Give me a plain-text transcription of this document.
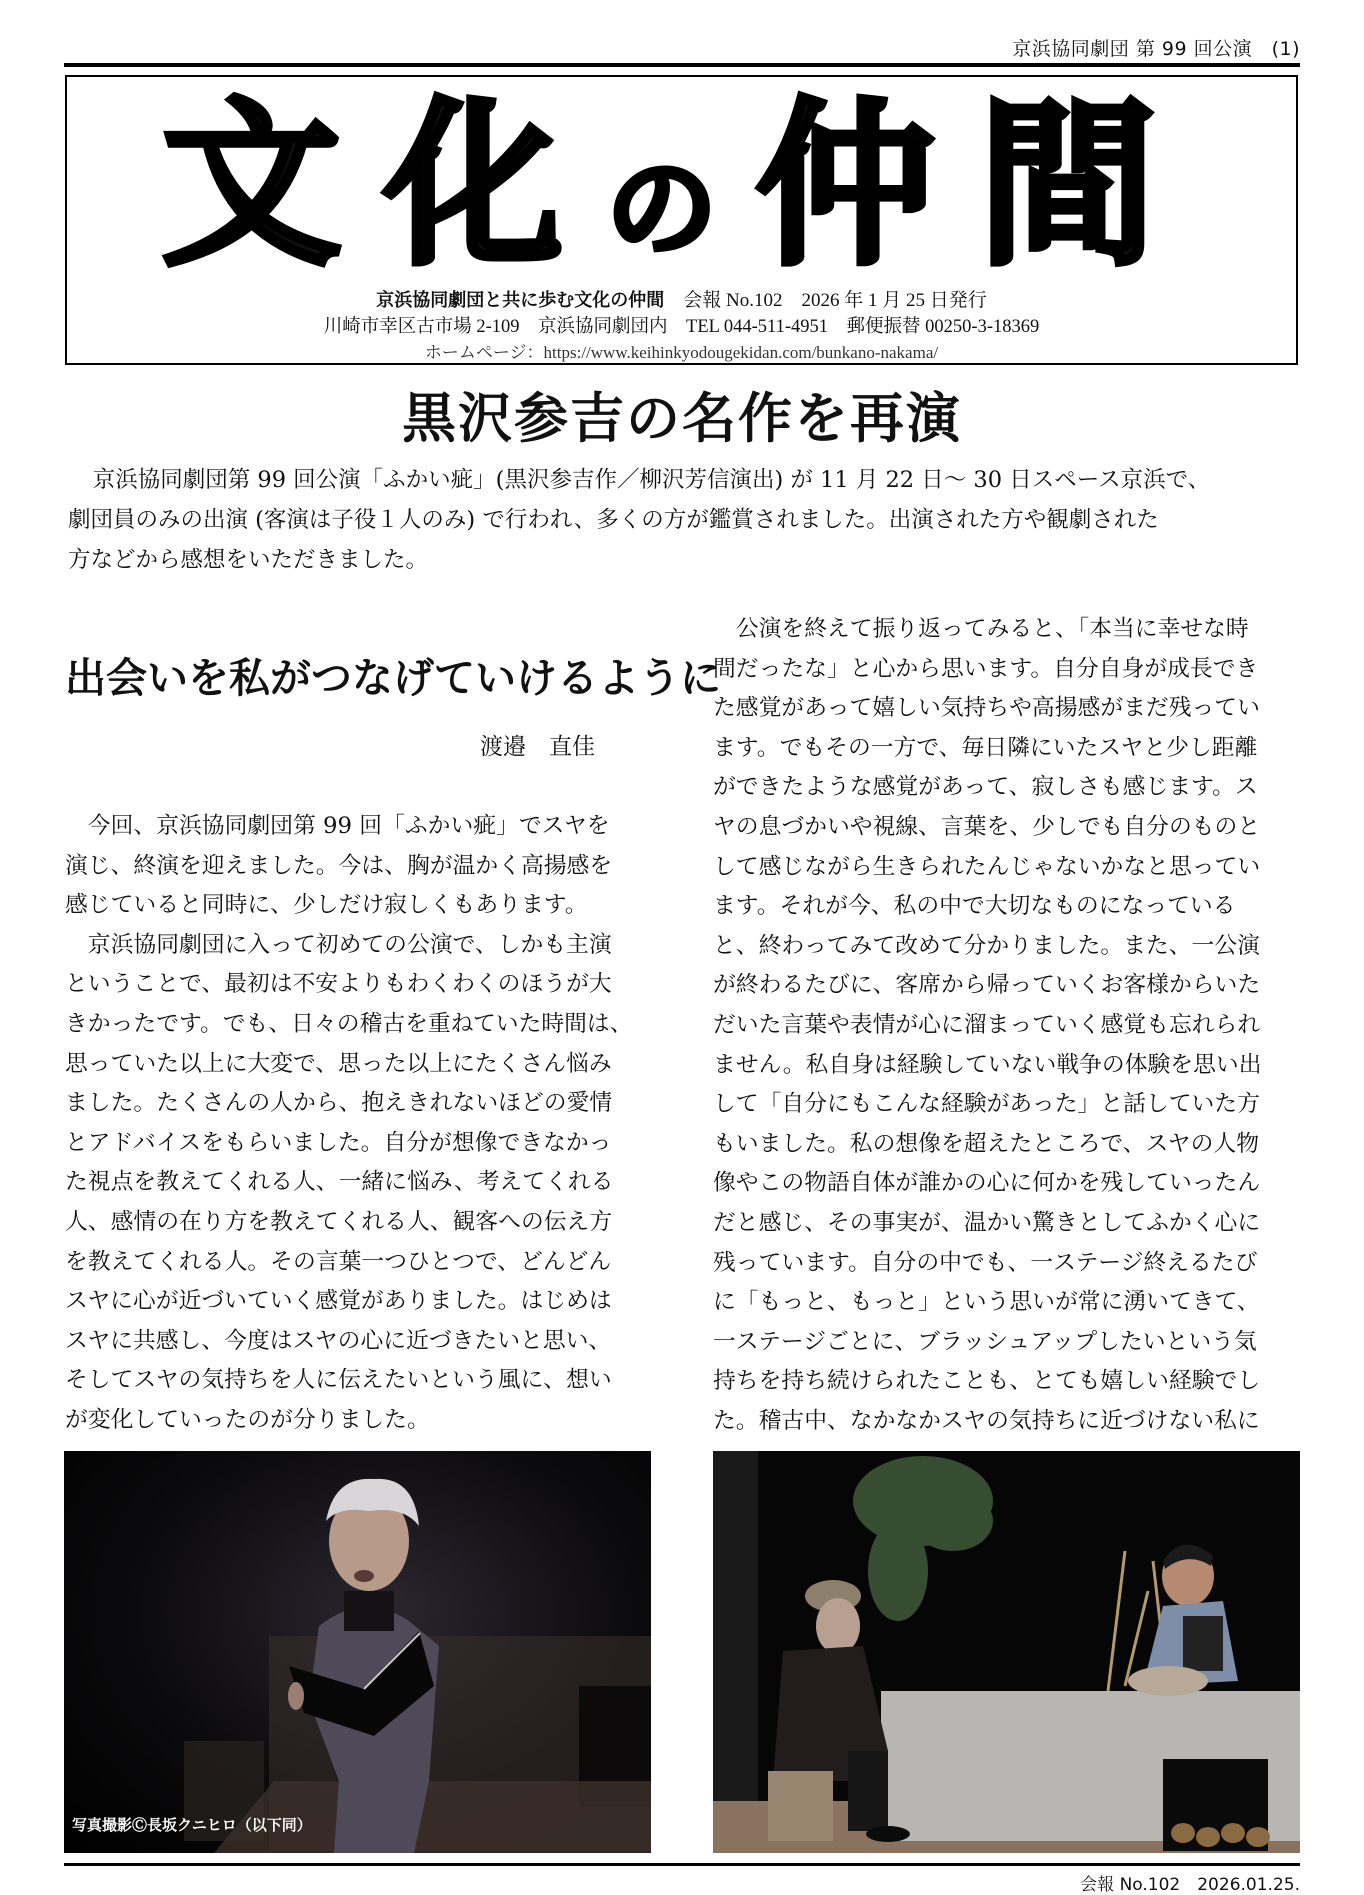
京浜協同劇団 第 99 回公演　(1)
文化の仲間
京浜協同劇団と共に歩む文化の仲間　会報 No.102　2026 年 1 月 25 日発行
川崎市幸区古市場 2-109　京浜協同劇団内　TEL 044-511-4951　郵便振替 00250-3-18369
ホームページ：https://www.keihinkyodougekidan.com/bunkano-nakama/
黒沢参吉の名作を再演
京浜協同劇団第 99 回公演「ふかい疵」(黒沢参吉作／柳沢芳信演出) が 11 月 22 日～ 30 日スペース京浜で、
劇団員のみの出演 (客演は子役１人のみ) で行われ、多くの方が鑑賞されました。出演された方や観劇された
方などから感想をいただきました。
出会いを私がつなげていけるように
渡邉　直佳
　今回、京浜協同劇団第 99 回「ふかい疵」でスヤを
演じ、終演を迎えました。今は、胸が温かく高揚感を
感じていると同時に、少しだけ寂しくもあります。
　京浜協同劇団に入って初めての公演で、しかも主演
ということで、最初は不安よりもわくわくのほうが大
きかったです。でも、日々の稽古を重ねていた時間は、
思っていた以上に大変で、思った以上にたくさん悩み
ました。たくさんの人から、抱えきれないほどの愛情
とアドバイスをもらいました。自分が想像できなかっ
た視点を教えてくれる人、一緒に悩み、考えてくれる
人、感情の在り方を教えてくれる人、観客への伝え方
を教えてくれる人。その言葉一つひとつで、どんどん
スヤに心が近づいていく感覚がありました。はじめは
スヤに共感し、今度はスヤの心に近づきたいと思い、
そしてスヤの気持ちを人に伝えたいという風に、想い
が変化していったのが分りました。
　公演を終えて振り返ってみると、「本当に幸せな時
間だったな」と心から思います。自分自身が成長でき
た感覚があって嬉しい気持ちや高揚感がまだ残ってい
ます。でもその一方で、毎日隣にいたスヤと少し距離
ができたような感覚があって、寂しさも感じます。ス
ヤの息づかいや視線、言葉を、少しでも自分のものと
して感じながら生きられたんじゃないかなと思ってい
ます。それが今、私の中で大切なものになっている
と、終わってみて改めて分かりました。また、一公演
が終わるたびに、客席から帰っていくお客様からいた
だいた言葉や表情が心に溜まっていく感覚も忘れられ
ません。私自身は経験していない戦争の体験を思い出
して「自分にもこんな経験があった」と話していた方
もいました。私の想像を超えたところで、スヤの人物
像やこの物語自体が誰かの心に何かを残していったん
だと感じ、その事実が、温かい驚きとしてふかく心に
残っています。自分の中でも、一ステージ終えるたび
に「もっと、もっと」という思いが常に湧いてきて、
一ステージごとに、ブラッシュアップしたいという気
持ちを持ち続けられたことも、とても嬉しい経験でし
た。稽古中、なかなかスヤの気持ちに近づけない私に
写真撮影Ⓒ長坂クニヒロ（以下同）
会報 No.102　2026.01.25.
